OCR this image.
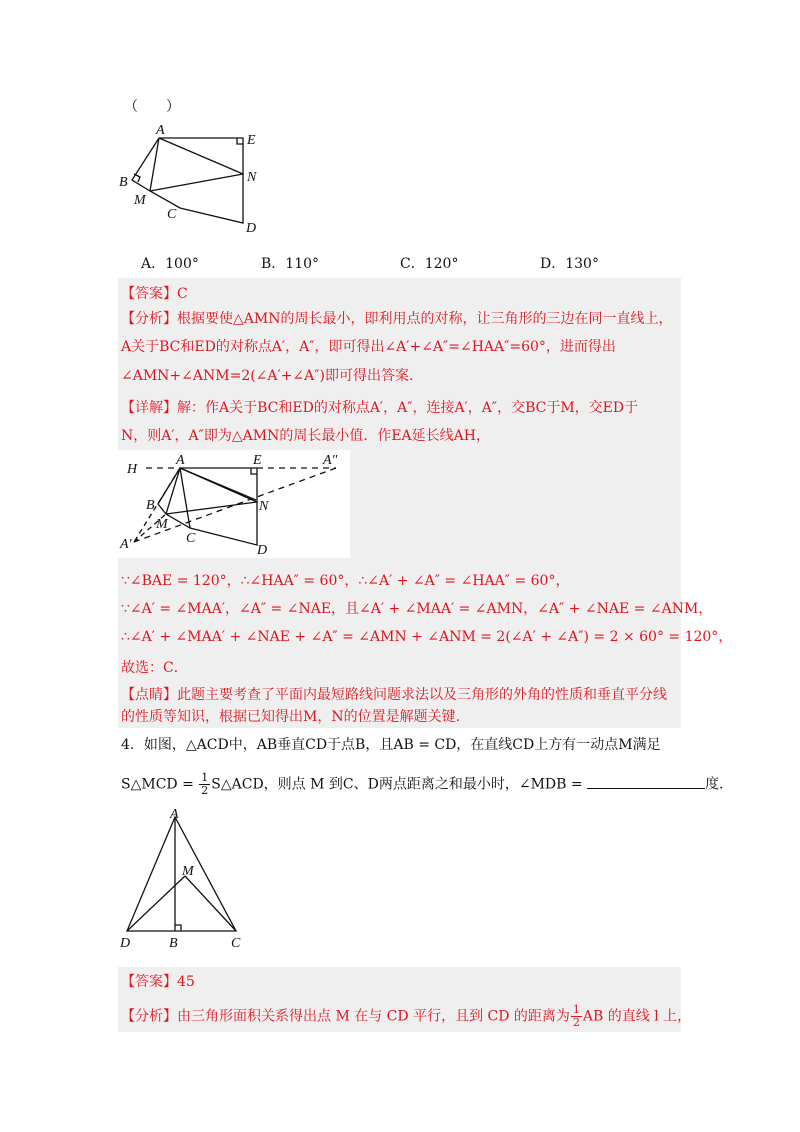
（　　）
A
E
B	N
M
C
D
A．100°	B．110°	C．120°	D．130°
【答案】C
【分析】根据要使△AMN的周长最小，即利用点的对称，让三角形的三边在同一直线上，
A关于BC和ED的对称点A′，A″，即可得出∠A′+∠A″=∠HAA″=60°，进而得出
∠AMN+∠ANM=2(∠A′+∠A″)即可得出答案.
【详解】解：作A关于BC和ED的对称点A′，A″，连接A′，A″，交BC于M，交ED于
N，则A′，A″即为△AMN的周长最小值．作EA延长线AH，
H
A	E	A″
B	N
M
C
A′	D
∵∠BAE = 120°，∴∠HAA″ = 60°，∴∠A′ + ∠A″ = ∠HAA″ = 60°，
∵∠A′ = ∠MAA′，∠A″ = ∠NAE，且∠A′ + ∠MAA′ = ∠AMN，∠A″ + ∠NAE = ∠ANM，
∴∠A′ + ∠MAA′ + ∠NAE + ∠A″ = ∠AMN + ∠ANM = 2(∠A′ + ∠A″) = 2 × 60° = 120°，
故选：C．
【点睛】此题主要考查了平面内最短路线问题求法以及三角形的外角的性质和垂直平分线
的性质等知识，根据已知得出M，N的位置是解题关键.
4．如图，△ACD中，AB垂直CD于点B，且AB = CD，在直线CD上方有一动点M满足
S△MCD = $\frac{1}{2}$ S△ACD，则点 M 到C、D两点距离之和最小时，∠MDB =	度.
A
M
D	B	C
【答案】45
【分析】由三角形面积关系得出点 M 在与 CD 平行，且到 CD 的距离为 $\frac{1}{2}$ AB 的直线 l 上，
